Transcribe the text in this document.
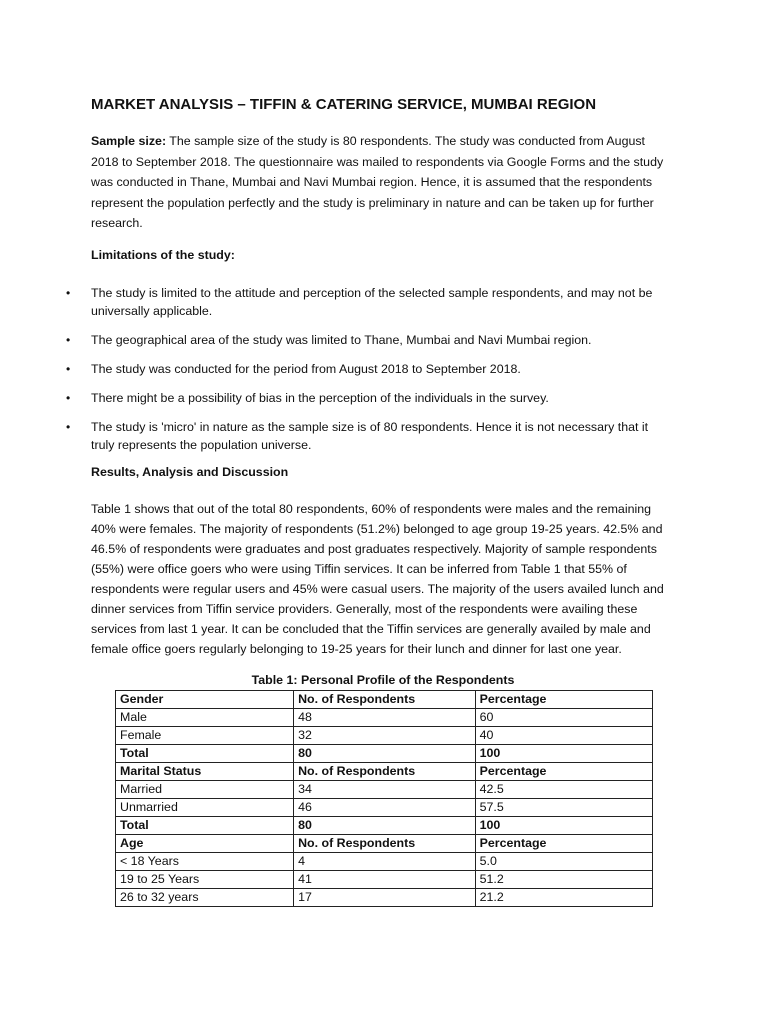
MARKET ANALYSIS – TIFFIN & CATERING SERVICE, MUMBAI REGION

Sample size: The sample size of the study is 80 respondents. The study was conducted from August 2018 to September 2018. The questionnaire was mailed to respondents via Google Forms and the study was conducted in Thane, Mumbai and Navi Mumbai region. Hence, it is assumed that the respondents represent the population perfectly and the study is preliminary in nature and can be taken up for further research.

Limitations of the study:
• The study is limited to the attitude and perception of the selected sample respondents, and may not be universally applicable.
• The geographical area of the study was limited to Thane, Mumbai and Navi Mumbai region.
• The study was conducted for the period from August 2018 to September 2018.
• There might be a possibility of bias in the perception of the individuals in the survey.
• The study is 'micro' in nature as the sample size is of 80 respondents. Hence it is not necessary that it truly represents the population universe.
Results, Analysis and Discussion

Table 1 shows that out of the total 80 respondents, 60% of respondents were males and the remaining 40% were females. The majority of respondents (51.2%) belonged to age group 19-25 years. 42.5% and 46.5% of respondents were graduates and post graduates respectively. Majority of sample respondents (55%) were office goers who were using Tiffin services. It can be inferred from Table 1 that 55% of respondents were regular users and 45% were casual users. The majority of the users availed lunch and dinner services from Tiffin service providers. Generally, most of the respondents were availing these services from last 1 year. It can be concluded that the Tiffin services are generally availed by male and female office goers regularly belonging to 19-25 years for their lunch and dinner for last one year.

Table 1: Personal Profile of the Respondents
Gender	No. of Respondents	Percentage
Male	48	60
Female	32	40
Total	80	100
Marital Status	No. of Respondents	Percentage
Married	34	42.5
Unmarried	46	57.5
Total	80	100
Age	No. of Respondents	Percentage
< 18 Years	4	5.0
19 to 25 Years	41	51.2
26 to 32 years	17	21.2
